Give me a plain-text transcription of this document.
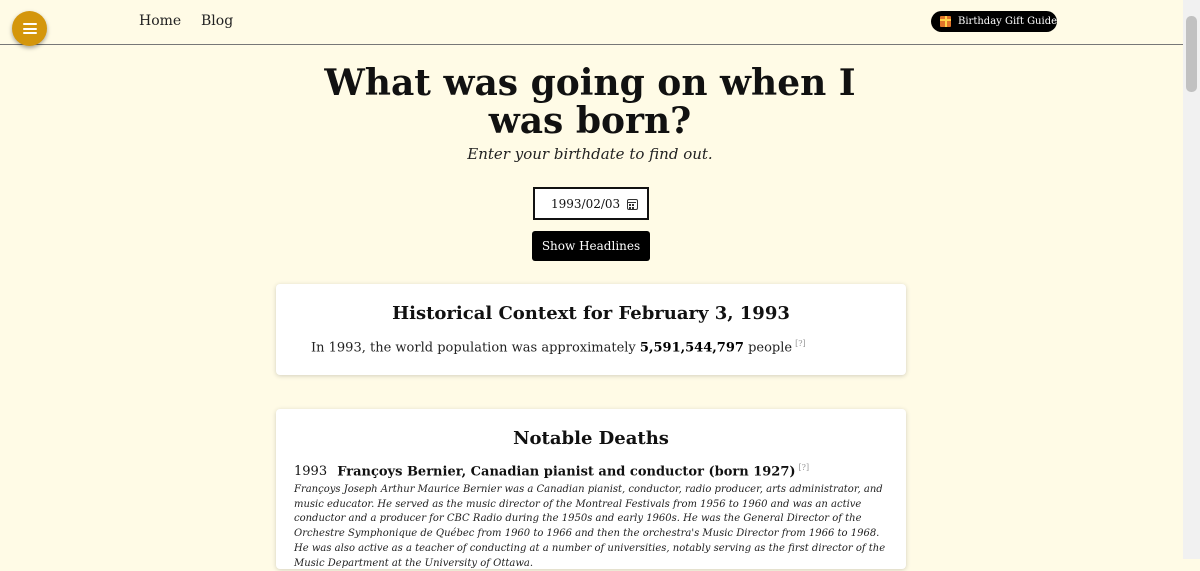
Home Blog	Birthday Gift Guide
What was going on when I was born?

Enter your birthdate to find out.

1993/02/03
Show Headlines
Historical Context for February 3, 1993

In 1993, the world population was approximately 5,591,544,797 people [?]

Notable Deaths
1993 Françoys Bernier, Canadian pianist and conductor (born 1927) [?]

Françoys Joseph Arthur Maurice Bernier was a Canadian pianist, conductor, radio producer, arts administrator, and music educator. He served as the music director of the Montreal Festivals from 1956 to 1960 and was an active conductor and a producer for CBC Radio during the 1950s and early 1960s. He was the General Director of the Orchestre Symphonique de Québec from 1960 to 1966 and then the orchestra's Music Director from 1966 to 1968. He was also active as a teacher of conducting at a number of universities, notably serving as the first director of the Music Department at the University of Ottawa.
